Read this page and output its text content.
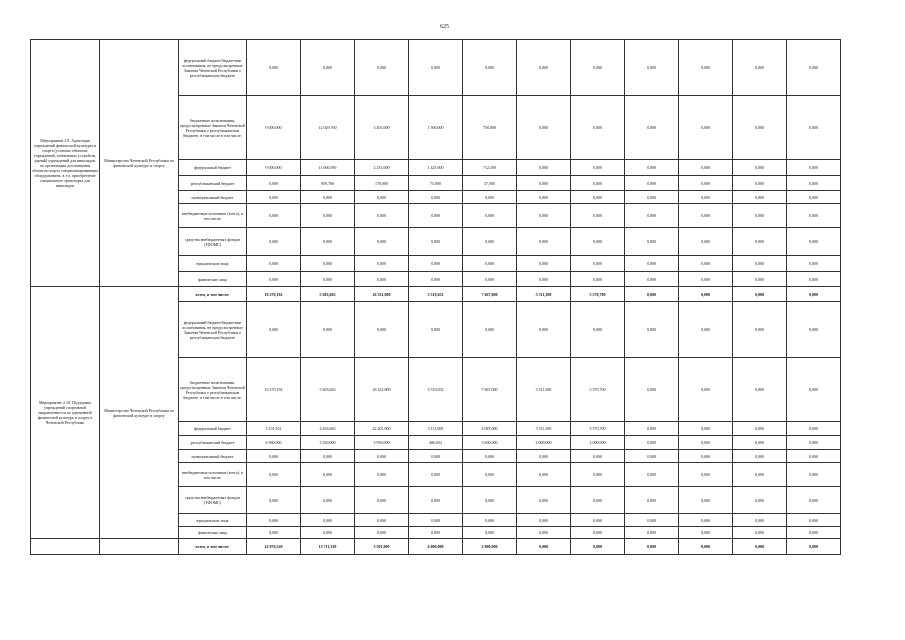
625
Мероприятие 2.9. Адаптация учреждений физической культуры и спорта (успешно объектов, учреждений, тоннельных устройств, зданий) учреждений для инвалидов, по организации дооснащения объектов спорта специализированным оборудованием, в т.ч. приобретение специального транспорта для инвалидов	Министерство Чеченской Республики по физической культуре и спорту	федеральный бюджет/бюджетные ассигнования, не предусмотренные Законом Чеченской Республики о республиканском бюджете	0,000	0,000	0,000	0,000	0,000	0,000	0,000	0,000	0,000	0,000	0,000
		бюджетные ассигнования, предусмотренные Законом Чеченской Республики о республиканском бюджете, в том числе в том числе:	9 000,000	12 029,760	3 401,000	1 500,000	750,000	0,000	0,000	0,000	0,000	0,000	0,000
		федеральный бюджет	9 000,000	11 060,590	2 251,000	1 425,000	712,500	0,000	0,000	0,000	0,000	0,000	0,000
		республиканский бюджет	0,000	959,760	170,000	75,000	37,500	0,000	0,000	0,000	0,000	0,000	0,000
		муниципальный бюджет	0,000	0,000	0,000	0,000	0,000	0,000	0,000	0,000	0,000	0,000	0,000
		внебюджетные источники (всего), в том числе:	0,000	0,000	0,000	0,000	0,000	0,000	0,000	0,000	0,000	0,000	0,000
		средства внебюджетных фондов (ТФОМС)	0,000	0,000	0,000	0,000	0,000	0,000	0,000	0,000	0,000	0,000	0,000
		юридические лица	0,000	0,000	0,000	0,000	0,000	0,000	0,000	0,000	0,000	0,000	0,000
		физические лица	0,000	0,000	0,000	0,000	0,000	0,000	0,000	0,000	0,000	0,000	0,000
Мероприятие 2.10. Поддержка учреждений спортивной направленности по адаптивной физической культуре и спорту в Чеченской Республике	Министерство Чеченской Республики по физической культуре и спорту	всего, в том числе:	10 270,192	5 603,663	26 331,800	3 519,652	7 667,000	5 511,390	5 570,700	0,000	0,000	0,000	0,000
		федеральный бюджет/бюджетные ассигнования, не предусмотренные Законом Чеченской Республики о республиканском бюджете	0,000	0,000	0,000	0,000	0,000	0,000	0,000	0,000	0,000	0,000	0,000
		бюджетные ассигнования, предусмотренные Законом Чеченской Республики о республиканском бюджете, в том числе в том числе:	10 270,192	5 603,663	26 331,800	3 519,652	7 667,000	5 511,390	5 570,700	0,000	0,000	0,000	0,000
		федеральный бюджет	3 101,101	4 453,663	22 201,800	3 113,000	4 087,000	3 511,390	3 570,700	0,000	0,000	0,000	0,000
		республиканский бюджет	6 960,000	3 350,000	3 959,000	406,652	3 600,000	2 000,000	2 000,000	0,000	0,000	0,000	0,000
		муниципальный бюджет	0,000	0,000	0,000	0,000	0,000	0,000	0,000	0,000	0,000	0,000	0,000
		внебюджетные источники (всего), в том числе:	0,000	0,000	0,000	0,000	0,000	0,000	0,000	0,000	0,000	0,000	0,000
		средства внебюджетных фондов (ТФОМС)	0,000	0,000	0,000	0,000	0,000	0,000	0,000	0,000	0,000	0,000	0,000
		юридические лица	0,000	0,000	0,000	0,000	0,000	0,000	0,000	0,000	0,000	0,000	0,000
		физические лица	0,000	0,000	0,000	0,000	0,000	0,000	0,000	0,000	0,000	0,000	0,000
		всего, в том числе:	22 076,520	15 711,330	3 501,000	4 000,000	2 000,000	0,000	0,000	0,000	0,000	0,000	0,000
